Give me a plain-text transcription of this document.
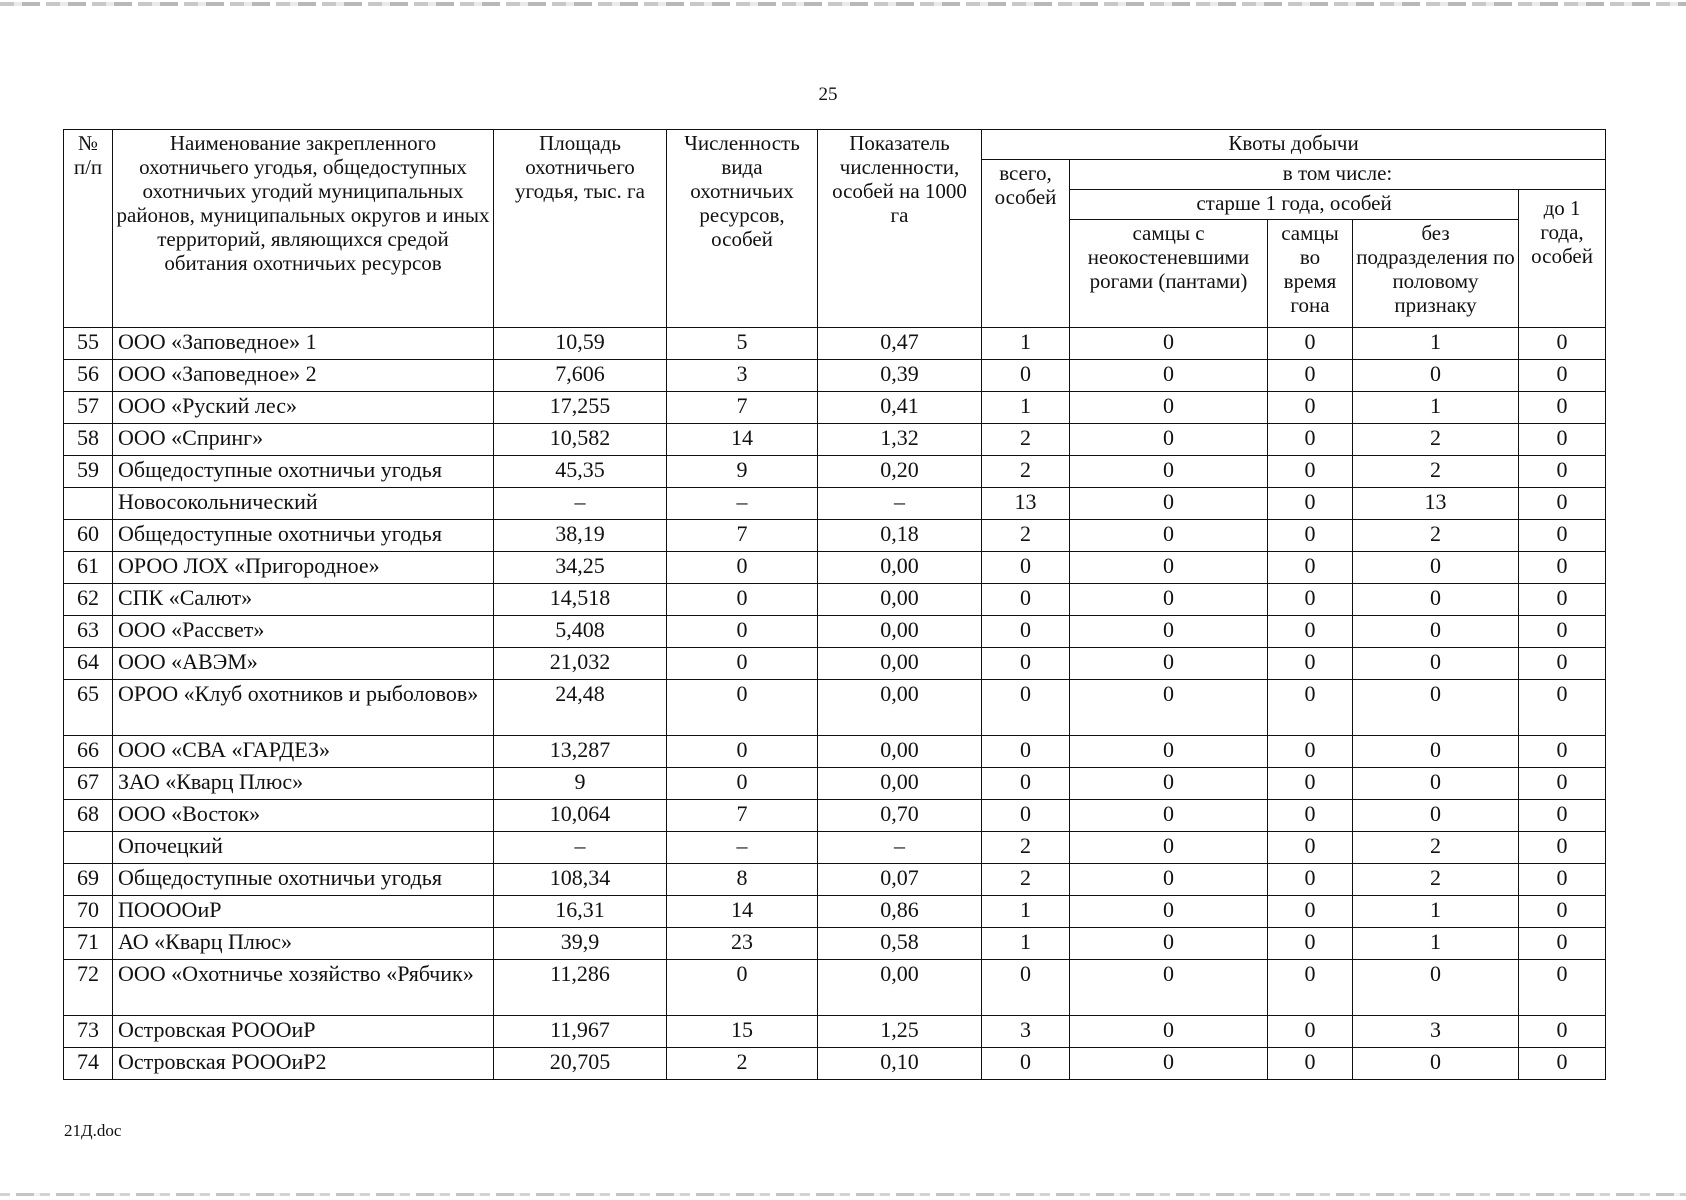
25
№ п/п	Наименование закрепленного охотничьего угодья, общедоступных охотничьих угодий муниципальных районов, муниципальных округов и иных территорий, являющихся средой обитания охотничьих ресурсов	Площадь охотничьего угодья, тыс. га	Численность вида охотничьих ресурсов, особей	Показатель численности, особей на 1000 га	Квоты добычи				
					всего, особей	в том числе:			
						старше 1 года, особей			до 1 года, особей
						самцы с неокостеневшими рогами (пантами)	самцы во время гона	без подразделения по половому признаку	
55	ООО «Заповедное» 1	10,59	5	0,47	1	0	0	1	0
56	ООО «Заповедное» 2	7,606	3	0,39	0	0	0	0	0
57	ООО «Руский лес»	17,255	7	0,41	1	0	0	1	0
58	ООО «Спринг»	10,582	14	1,32	2	0	0	2	0
59	Общедоступные охотничьи угодья	45,35	9	0,20	2	0	0	2	0
	Новосокольнический	–	–	–	13	0	0	13	0
60	Общедоступные охотничьи угодья	38,19	7	0,18	2	0	0	2	0
61	ОРОО ЛОХ «Пригородное»	34,25	0	0,00	0	0	0	0	0
62	СПК «Салют»	14,518	0	0,00	0	0	0	0	0
63	ООО «Рассвет»	5,408	0	0,00	0	0	0	0	0
64	ООО «АВЭМ»	21,032	0	0,00	0	0	0	0	0
65	ОРОО «Клуб охотников и рыболовов»	24,48	0	0,00	0	0	0	0	0
66	ООО «СВА «ГАРДЕЗ»	13,287	0	0,00	0	0	0	0	0
67	ЗАО «Кварц Плюс»	9	0	0,00	0	0	0	0	0
68	ООО «Восток»	10,064	7	0,70	0	0	0	0	0
	Опочецкий	–	–	–	2	0	0	2	0
69	Общедоступные охотничьи угодья	108,34	8	0,07	2	0	0	2	0
70	ПООООиР	16,31	14	0,86	1	0	0	1	0
71	АО «Кварц Плюс»	39,9	23	0,58	1	0	0	1	0
72	ООО «Охотничье хозяйство «Рябчик»	11,286	0	0,00	0	0	0	0	0
73	Островская РОООиР	11,967	15	1,25	3	0	0	3	0
74	Островская РОООиР2	20,705	2	0,10	0	0	0	0	0
21Д.doc
